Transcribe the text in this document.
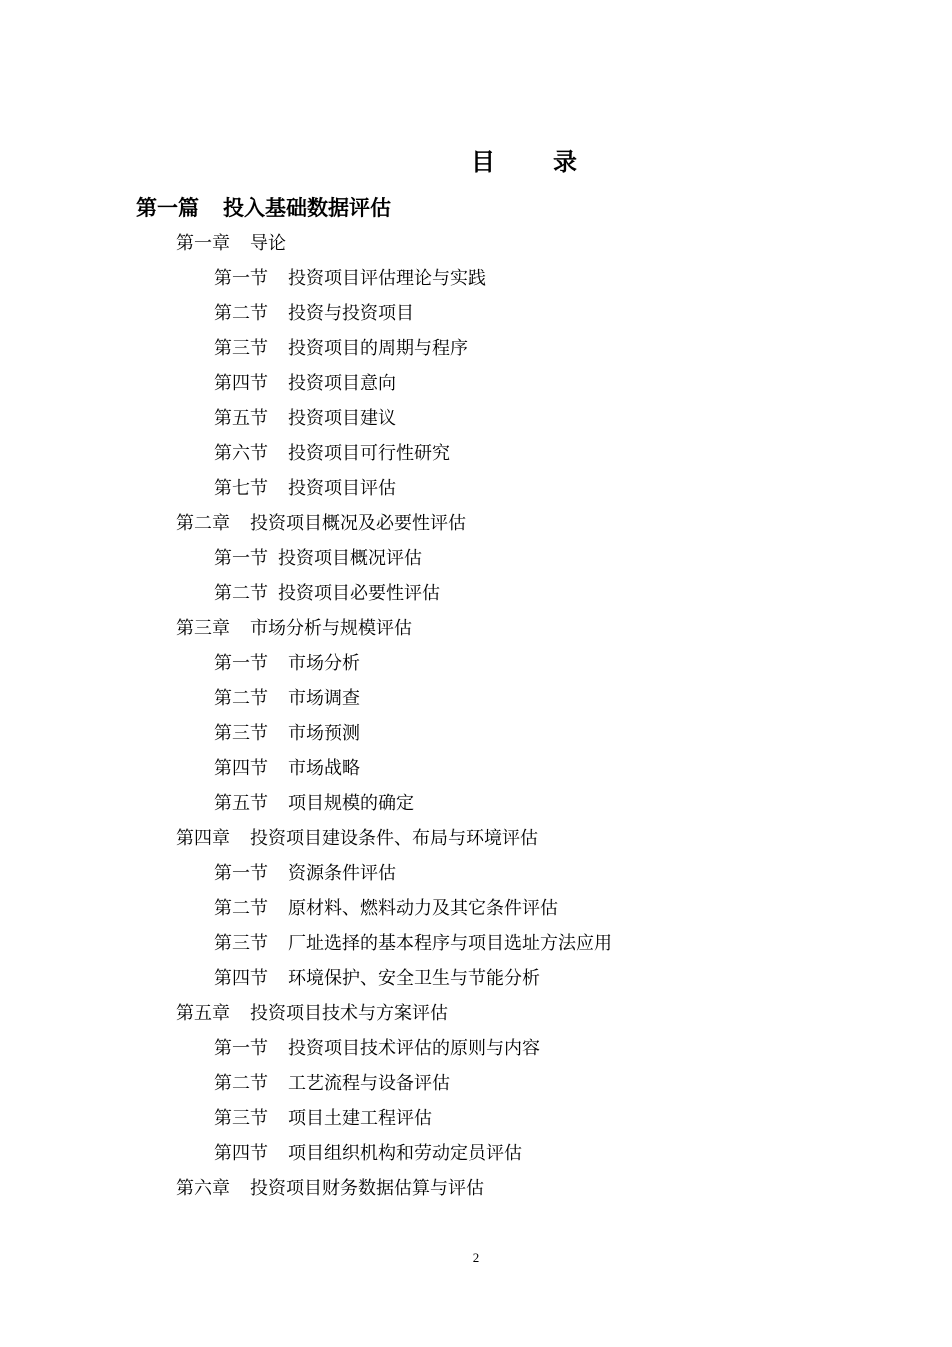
目录
第一篇 投入基础数据评估
第一章 导论
第一节 投资项目评估理论与实践
第二节 投资与投资项目
第三节 投资项目的周期与程序
第四节 投资项目意向
第五节 投资项目建议
第六节 投资项目可行性研究
第七节 投资项目评估
第二章 投资项目概况及必要性评估
第一节 投资项目概况评估
第二节 投资项目必要性评估
第三章 市场分析与规模评估
第一节 市场分析
第二节 市场调查
第三节 市场预测
第四节 市场战略
第五节 项目规模的确定
第四章 投资项目建设条件、布局与环境评估
第一节 资源条件评估
第二节 原材料、燃料动力及其它条件评估
第三节 厂址选择的基本程序与项目选址方法应用
第四节 环境保护、安全卫生与节能分析
第五章 投资项目技术与方案评估
第一节 投资项目技术评估的原则与内容
第二节 工艺流程与设备评估
第三节 项目土建工程评估
第四节 项目组织机构和劳动定员评估
第六章 投资项目财务数据估算与评估
2
